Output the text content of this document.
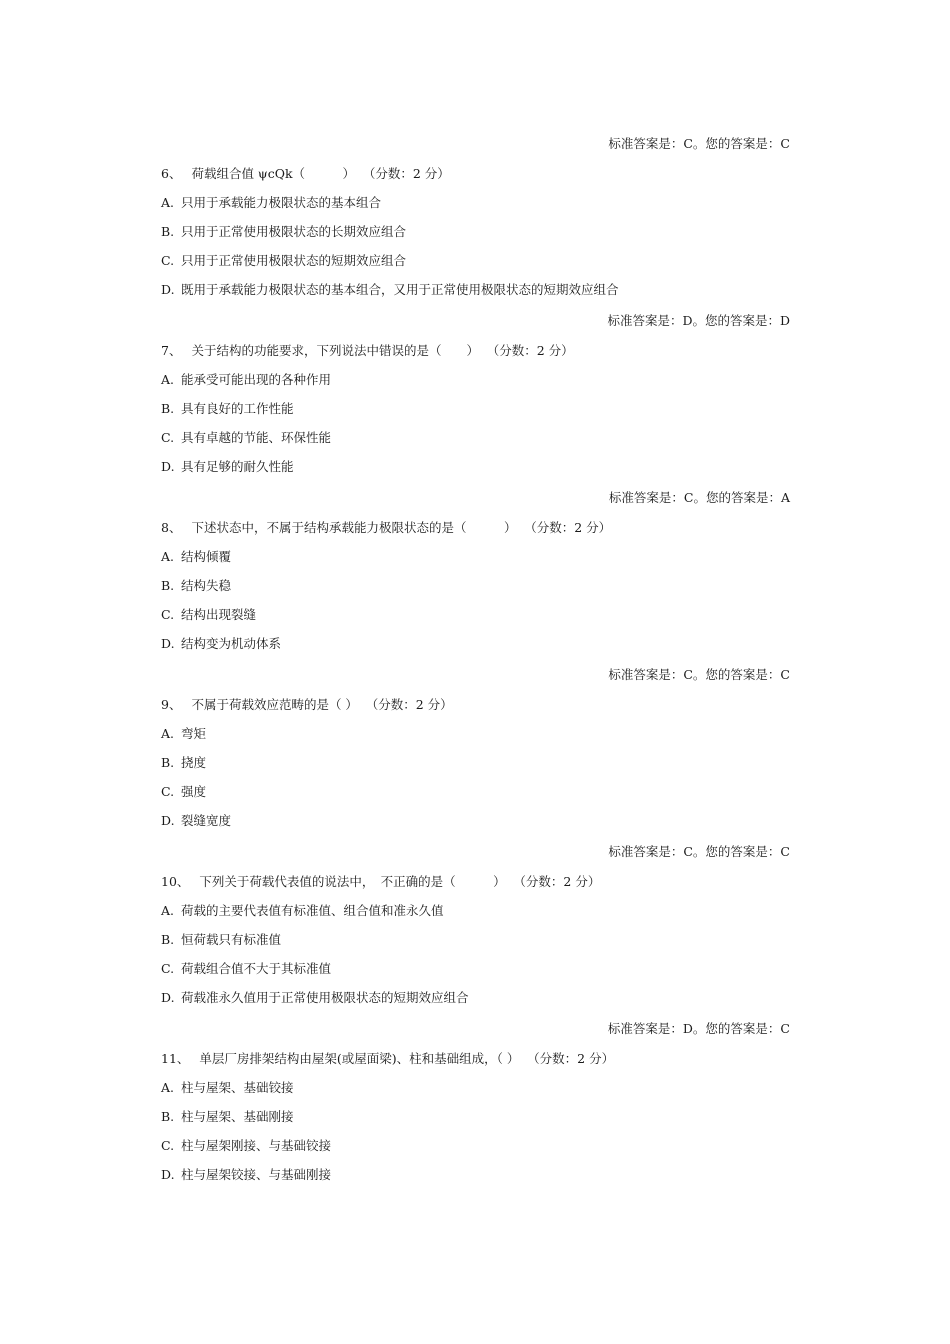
标准答案是：C。您的答案是：C
6、 荷载组合值 ψcQk（　　　） （分数：2 分）
A. 只用于承载能力极限状态的基本组合
B. 只用于正常使用极限状态的长期效应组合
C. 只用于正常使用极限状态的短期效应组合
D. 既用于承载能力极限状态的基本组合，又用于正常使用极限状态的短期效应组合
标准答案是：D。您的答案是：D
7、 关于结构的功能要求，下列说法中错误的是（　　） （分数：2 分）
A. 能承受可能出现的各种作用
B. 具有良好的工作性能
C. 具有卓越的节能、环保性能
D. 具有足够的耐久性能
标准答案是：C。您的答案是：A
8、 下述状态中，不属于结构承载能力极限状态的是（　　　） （分数：2 分）
A. 结构倾覆
B. 结构失稳
C. 结构出现裂缝
D. 结构变为机动体系
标准答案是：C。您的答案是：C
9、 不属于荷载效应范畴的是（ ） （分数：2 分）
A. 弯矩
B. 挠度
C. 强度
D. 裂缝宽度
标准答案是：C。您的答案是：C
10、 下列关于荷载代表值的说法中，　不正确的是（　　　） （分数：2 分）
A. 荷载的主要代表值有标准值、组合值和准永久值
B. 恒荷载只有标准值
C. 荷载组合值不大于其标准值
D. 荷载准永久值用于正常使用极限状态的短期效应组合
标准答案是：D。您的答案是：C
11、 单层厂房排架结构由屋架(或屋面梁)、柱和基础组成，（ ） （分数：2 分）
A. 柱与屋架、基础铰接
B. 柱与屋架、基础刚接
C. 柱与屋架刚接、与基础铰接
D. 柱与屋架铰接、与基础刚接
